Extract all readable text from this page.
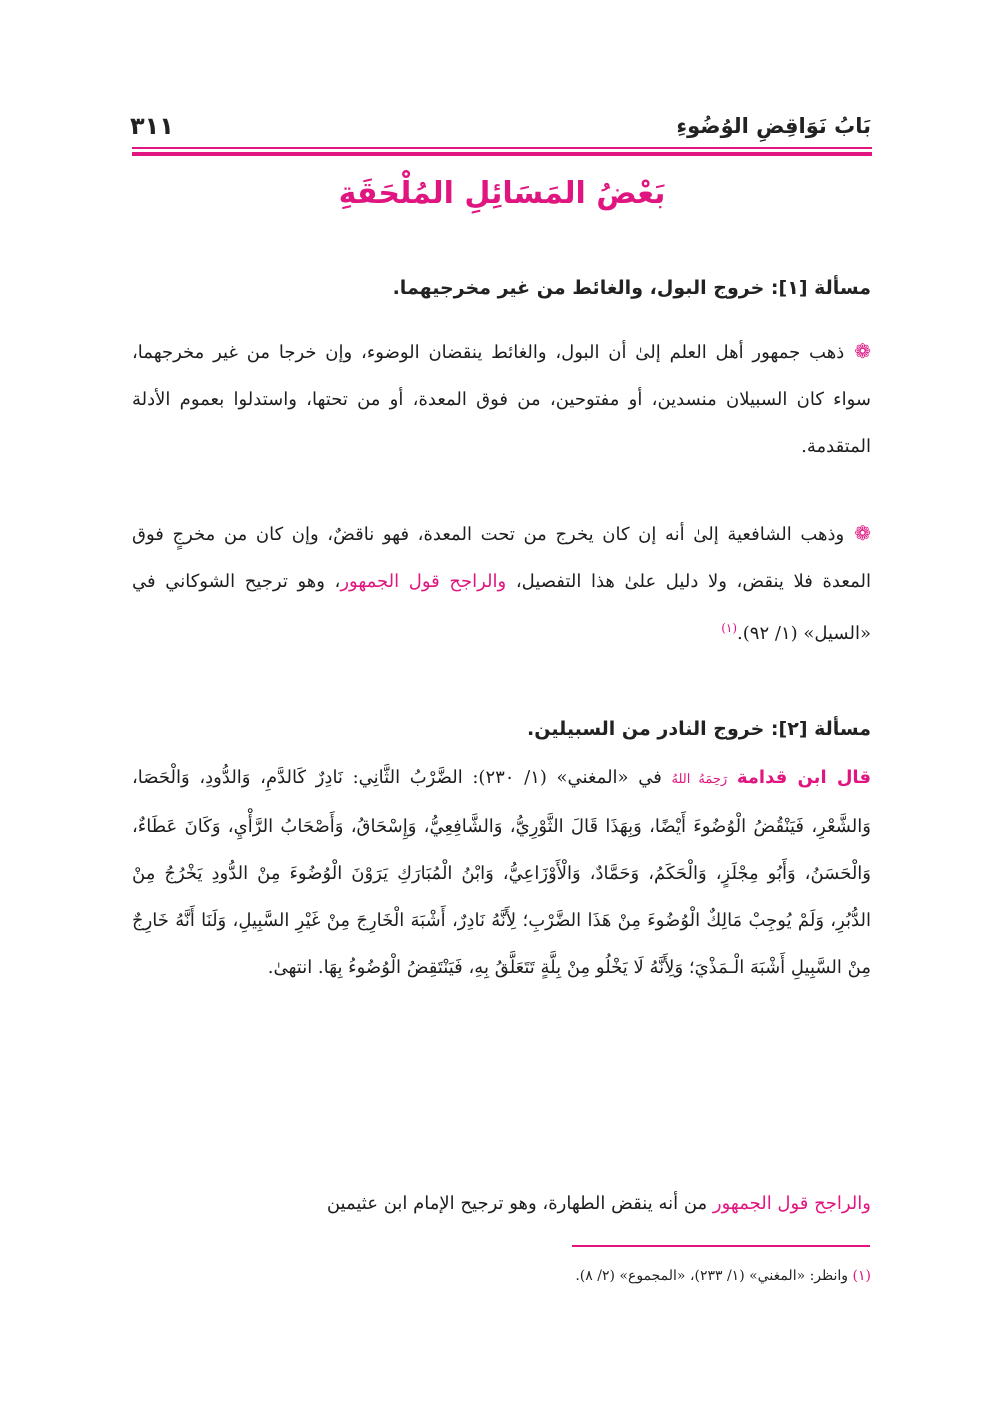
بَابُ نَوَاقِضِ الوُضُوءِ
٣١١
بَعْضُ المَسَائِلِ المُلْحَقَةِ
مسألة [١]: خروج البول، والغائط من غير مخرجيهما.
❁ذهب جمهور أهل العلم إلىٰ أن البول، والغائط ينقضان الوضوء، وإن خرجا من غير مخرجهما، سواء كان السبيلان منسدين، أو مفتوحين، من فوق المعدة، أو من تحتها، واستدلوا بعموم الأدلة المتقدمة.
❁وذهب الشافعية إلىٰ أنه إن كان يخرج من تحت المعدة، فهو ناقضٌ، وإن كان من مخرجٍ فوق المعدة فلا ينقض، ولا دليل علىٰ هذا التفصيل، والراجح قول الجمهور، وهو ترجيح الشوكاني في «السيل» (١/ ٩٢).$^{(١)}$
مسألة [٢]: خروج النادر من السبيلين.
قال ابن قدامة رَحِمَهُ اللهُ في «المغني» (١/ ٢٣٠): الضَّرْبُ الثَّانِي: نَادِرٌ كَالدَّمِ، وَالدُّودِ، وَالْحَصَا، وَالشَّعْرِ، فَيَنْقُضُ الْوُضُوءَ أَيْضًا، وَبِهَذَا قَالَ الثَّوْرِيُّ، وَالشَّافِعِيُّ، وَإِسْحَاقُ، وَأَصْحَابُ الرَّأْيِ، وَكَانَ عَطَاءٌ، وَالْحَسَنُ، وَأَبُو مِجْلَزٍ، وَالْحَكَمُ، وَحَمَّادٌ، وَالْأَوْزَاعِيُّ، وَابْنُ الْمُبَارَكِ يَرَوْنَ الْوُضُوءَ مِنْ الدُّودِ يَخْرُجُ مِنْ الدُّبُرِ، وَلَمْ يُوجِبْ مَالِكٌ الْوُضُوءَ مِنْ هَذَا الضَّرْبِ؛ لِأَنَّهُ نَادِرٌ، أَشْبَهَ الْخَارِجَ مِنْ غَيْرِ السَّبِيلِ، وَلَنَا أَنَّهُ خَارِجٌ مِنْ السَّبِيلِ أَشْبَهَ الْـمَذْيَ؛ وَلِأَنَّهُ لَا يَخْلُو مِنْ بِلَّةٍ تَتَعَلَّقُ بِهِ، فَيَنْتَقِضُ الْوُضُوءُ بِهَا. انتهىٰ.
والراجح قول الجمهور من أنه ينقض الطهارة، وهو ترجيح الإمام ابن عثيمين
(١) وانظر: «المغني» (١/ ٢٣٣)، «المجموع» (٢/ ٨).
